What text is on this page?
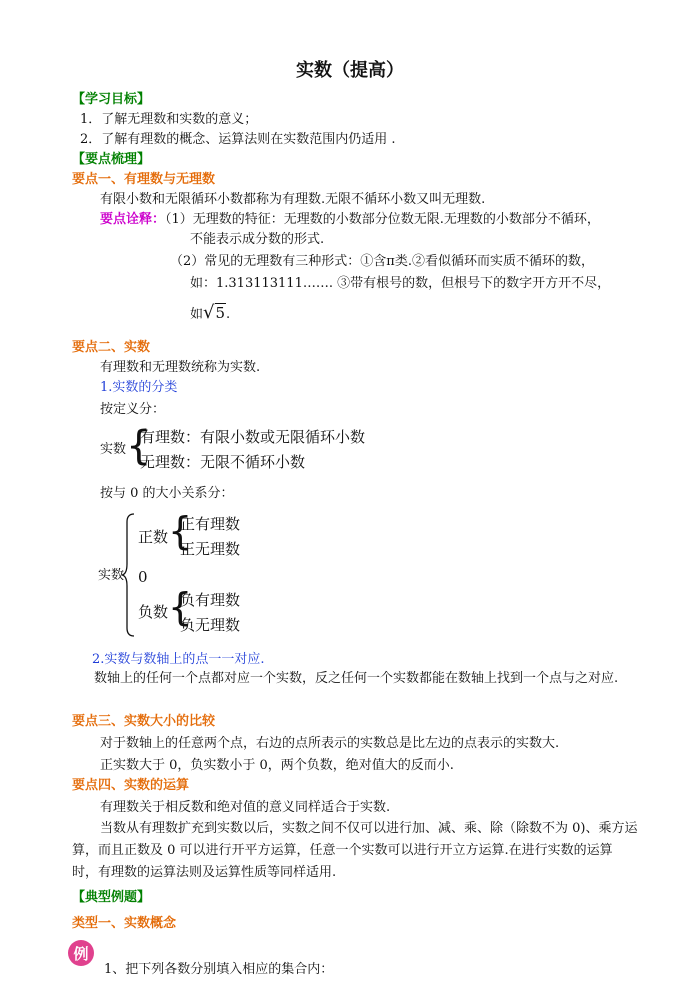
实数（提高）
【学习目标】
1．了解无理数和实数的意义；
2．了解有理数的概念、运算法则在实数范围内仍适用 .
【要点梳理】
要点一、有理数与无理数
有限小数和无限循环小数都称为有理数.无限不循环小数又叫无理数.
要点诠释：（1）无理数的特征：无理数的小数部分位数无限.无理数的小数部分不循环，
不能表示成分数的形式.
（2）常见的无理数有三种形式：①含π类.②看似循环而实质不循环的数，
如：1.313113111……. ③带有根号的数，但根号下的数字开方开不尽，
如√5.
要点二、实数
有理数和无理数统称为实数.
1.实数的分类
按定义分：
实数 {
有理数：有限小数或无限循环小数
无理数：无限不循环小数
按与 0 的大小关系分：
实数
正数 {
正有理数
正无理数
0
负数 {
负有理数
负无理数
2.实数与数轴上的点一一对应.
数轴上的任何一个点都对应一个实数，反之任何一个实数都能在数轴上找到一个点与之对应.
要点三、实数大小的比较
对于数轴上的任意两个点，右边的点所表示的实数总是比左边的点表示的实数大.
正实数大于 0，负实数小于 0，两个负数，绝对值大的反而小.
要点四、实数的运算
有理数关于相反数和绝对值的意义同样适合于实数.
当数从有理数扩充到实数以后，实数之间不仅可以进行加、减、乘、除（除数不为 0)、乘方运算，而且正数及 0 可以进行开平方运算，任意一个实数可以进行开立方运算.在进行实数的运算时，有理数的运算法则及运算性质等同样适用.
【典型例题】
类型一、实数概念
例
1、把下列各数分别填入相应的集合内：
